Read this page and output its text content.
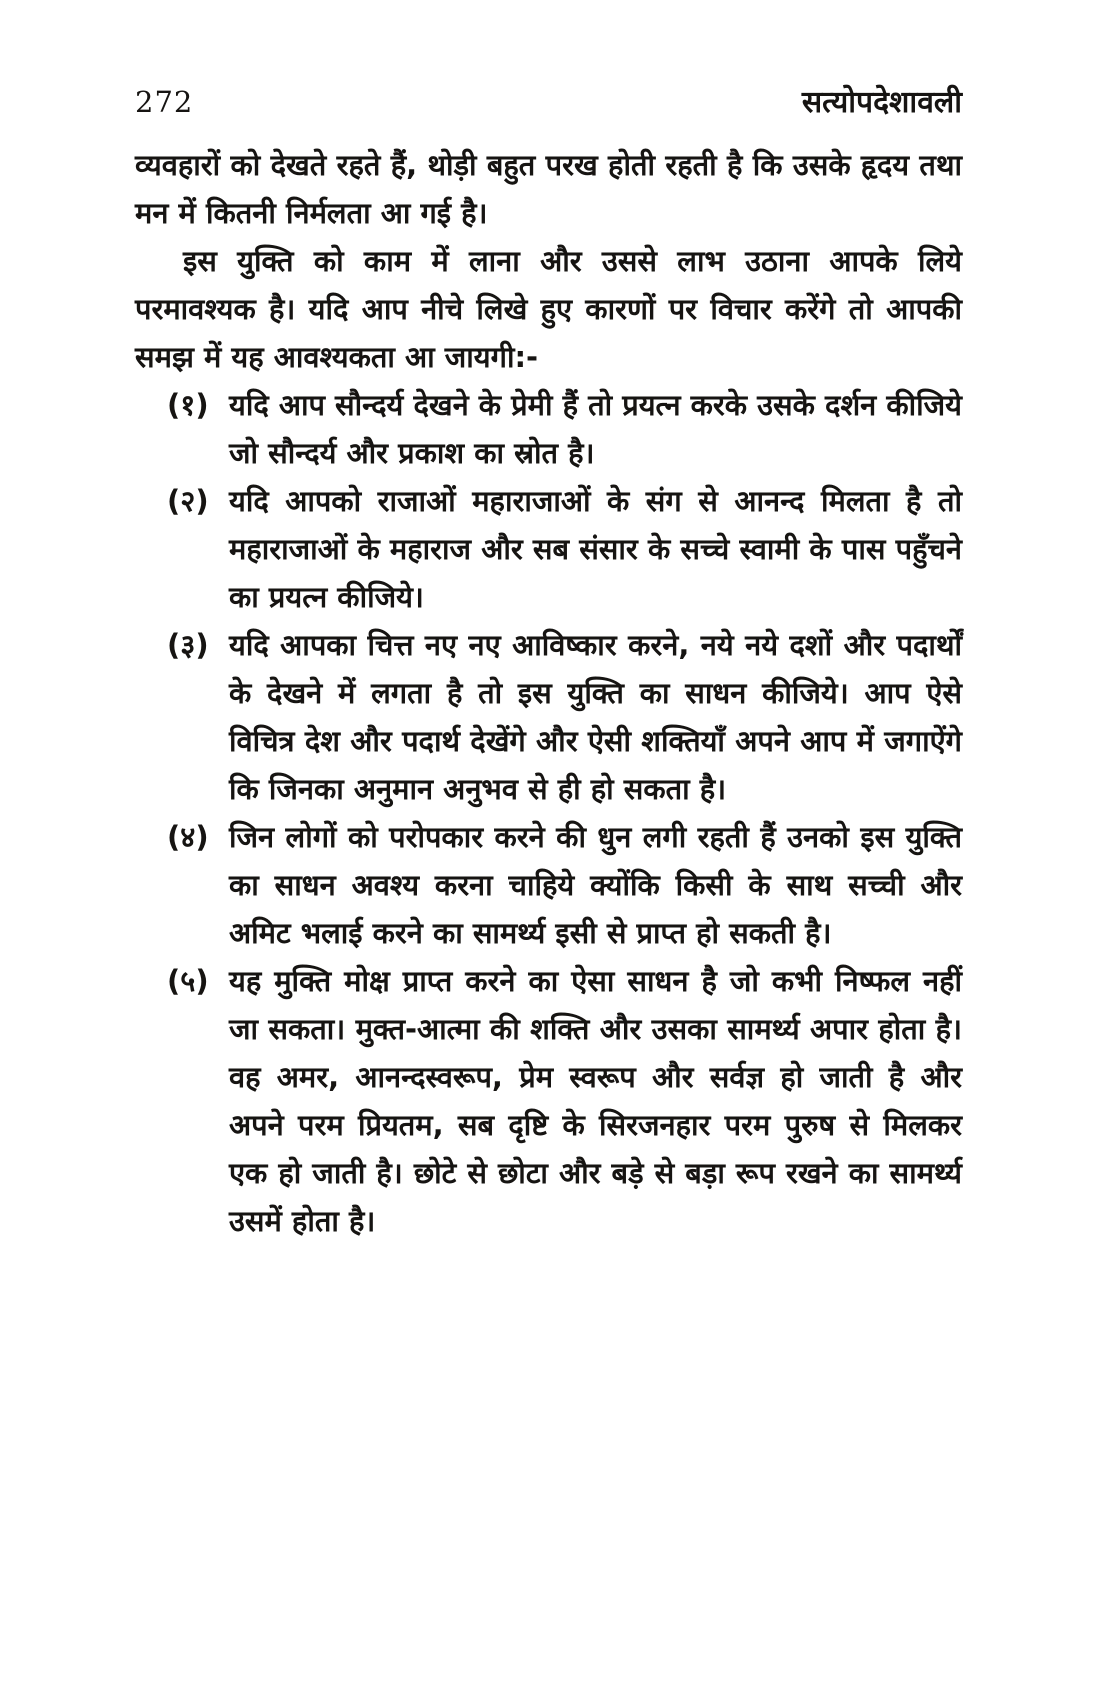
272	सत्योपदेशावली

व्यवहारों को देखते रहते हैं, थोड़ी बहुत परख होती रहती है कि उसके हृदय तथा मन में कितनी निर्मलता आ गई है।

इस युक्ति को काम में लाना और उससे लाभ उठाना आपके लिये परमावश्यक है। यदि आप नीचे लिखे हुए कारणों पर विचार करेंगे तो आपकी समझ में यह आवश्यकता आ जायगी:-

(१) यदि आप सौन्दर्य देखने के प्रेमी हैं तो प्रयत्न करके उसके दर्शन कीजिये जो सौन्दर्य और प्रकाश का स्रोत है।
(२) यदि आपको राजाओं महाराजाओं के संग से आनन्द मिलता है तो महाराजाओं के महाराज और सब संसार के सच्चे स्वामी के पास पहुँचने का प्रयत्न कीजिये।
(३) यदि आपका चित्त नए नए आविष्कार करने, नये नये दशों और पदार्थों के देखने में लगता है तो इस युक्ति का साधन कीजिये। आप ऐसे विचित्र देश और पदार्थ देखेंगे और ऐसी शक्तियाँ अपने आप में जगाऐंगे कि जिनका अनुमान अनुभव से ही हो सकता है।
(४) जिन लोगों को परोपकार करने की धुन लगी रहती हैं उनको इस युक्ति का साधन अवश्य करना चाहिये क्योंकि किसी के साथ सच्ची और अमिट भलाई करने का सामर्थ्य इसी से प्राप्त हो सकती है।
(५) यह मुक्ति मोक्ष प्राप्त करने का ऐसा साधन है जो कभी निष्फल नहीं जा सकता। मुक्त-आत्मा की शक्ति और उसका सामर्थ्य अपार होता है। वह अमर, आनन्दस्वरूप, प्रेम स्वरूप और सर्वज्ञ हो जाती है और अपने परम प्रियतम, सब दृष्टि के सिरजनहार परम पुरुष से मिलकर एक हो जाती है। छोटे से छोटा और बड़े से बड़ा रूप रखने का सामर्थ्य उसमें होता है।
